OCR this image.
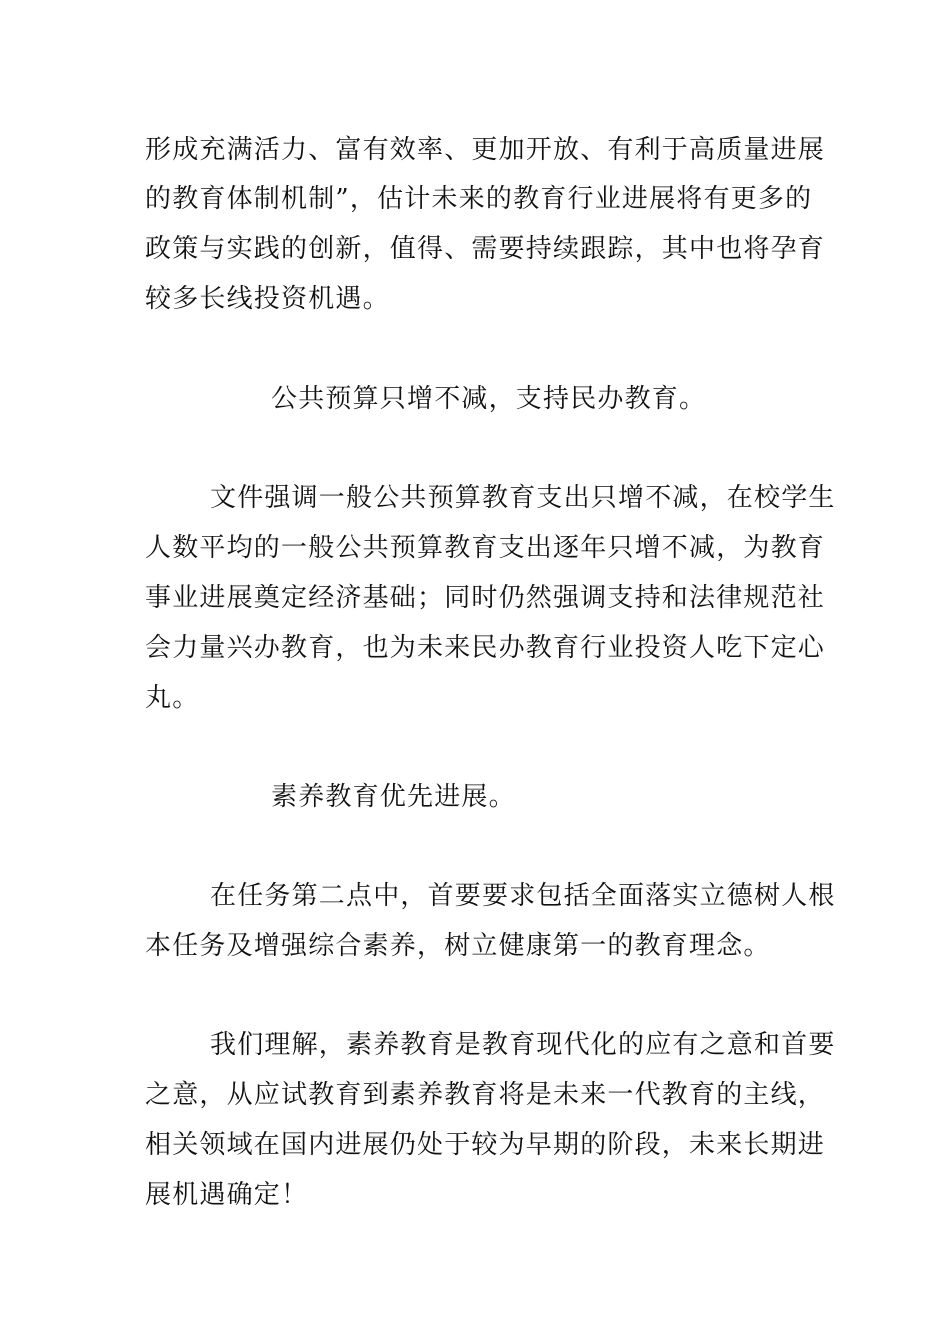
形成充满活力、富有效率、更加开放、有利于高质量进展
的教育体制机制”，估计未来的教育行业进展将有更多的
政策与实践的创新，值得、需要持续跟踪，其中也将孕育
较多长线投资机遇。
公共预算只增不减，支持民办教育。
文件强调一般公共预算教育支出只增不减，在校学生
人数平均的一般公共预算教育支出逐年只增不减，为教育
事业进展奠定经济基础；同时仍然强调支持和法律规范社
会力量兴办教育，也为未来民办教育行业投资人吃下定心
丸。
素养教育优先进展。
在任务第二点中，首要要求包括全面落实立德树人根
本任务及增强综合素养，树立健康第一的教育理念。
我们理解，素养教育是教育现代化的应有之意和首要
之意，从应试教育到素养教育将是未来一代教育的主线，
相关领域在国内进展仍处于较为早期的阶段，未来长期进
展机遇确定！
